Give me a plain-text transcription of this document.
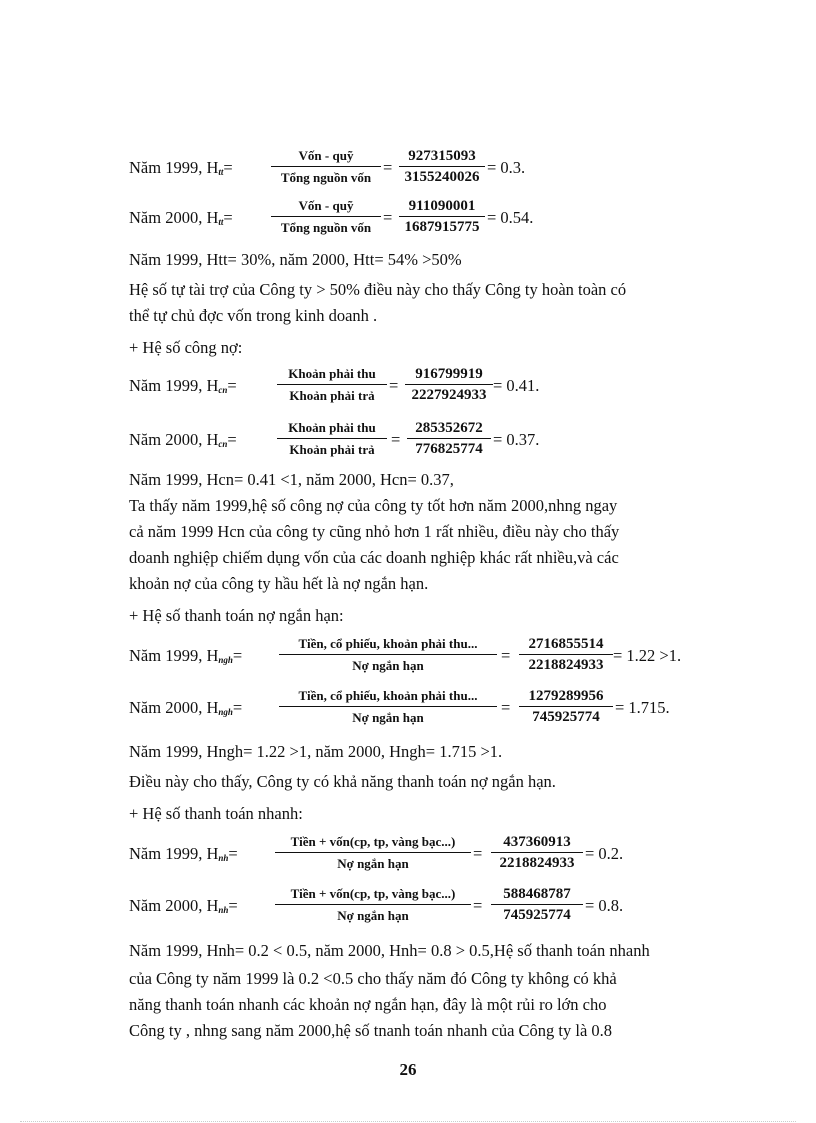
Năm 1999, $H_{tt}=$
Vốn - quỹ
Tổng nguồn vốn
= $\frac{927315093}{3155240026} = 0.3$.
Năm 2000, $H_{tt}=$
Vốn - quỹ
Tổng nguồn vốn
= $\frac{911090001}{1687915775} = 0.54$.
Năm 1999, Htt= 30%, năm 2000, Htt= 54% >50%
Hệ số tự tài trợ của Công ty > 50% điều này cho thấy Công ty hoàn toàn có
thể tự chủ đợc vốn trong kinh doanh .
+ Hệ số công nợ:
Năm 1999, $H_{cn}=$
Khoản phải thu
Khoản phải trả
= $\frac{916799919}{2227924933} = 0.41$.
Năm 2000, $H_{cn}=$
Khoản phải thu
Khoản phải trả
= $\frac{285352672}{776825774} = 0.37$.
Năm 1999, Hcn= 0.41 <1, năm 2000, Hcn= 0.37,
Ta thấy năm 1999,hệ số công nợ của công ty tốt hơn năm 2000,nhng ngay
cả năm 1999 Hcn của công ty cũng nhỏ hơn 1 rất nhiều, điều này cho thấy
doanh nghiệp chiếm dụng vốn của các doanh nghiệp khác rất nhiều,và các
khoản nợ của công ty hầu hết là nợ ngắn hạn.
+ Hệ số thanh toán nợ ngắn hạn:
Năm 1999, $H_{ngh}=$
Tiền, cổ phiếu, khoản phải thu...
Nợ ngắn hạn
= $\frac{2716855514}{2218824933} = 1.22 >1$.
Năm 2000, $H_{ngh}=$
Tiền, cổ phiếu, khoản phải thu...
Nợ ngắn hạn
= $\frac{1279289956}{745925774} = 1.715$.
Năm 1999, Hngh= 1.22 >1, năm 2000, Hngh= 1.715 >1.
Điều này cho thấy, Công ty có khả năng thanh toán nợ ngắn hạn.
+ Hệ số thanh toán nhanh:
Năm 1999, $H_{nh}=$
Tiền + vốn(cp, tp, vàng bạc...)
Nợ ngắn hạn
= $\frac{437360913}{2218824933} = 0.2$.
Năm 2000, $H_{nh}=$
Tiền + vốn(cp, tp, vàng bạc...)
Nợ ngắn hạn
= $\frac{588468787}{745925774} = 0.8$.
Năm 1999, Hnh= 0.2 < 0.5, năm 2000, Hnh= 0.8 > 0.5,Hệ số thanh toán nhanh
của Công ty năm 1999 là 0.2 <0.5 cho thấy năm đó Công ty không có khả
năng thanh toán nhanh các khoản nợ ngắn hạn, đây là một rủi ro lớn cho
Công ty , nhng sang năm 2000,hệ số tnanh toán nhanh của Công ty là 0.8
26
